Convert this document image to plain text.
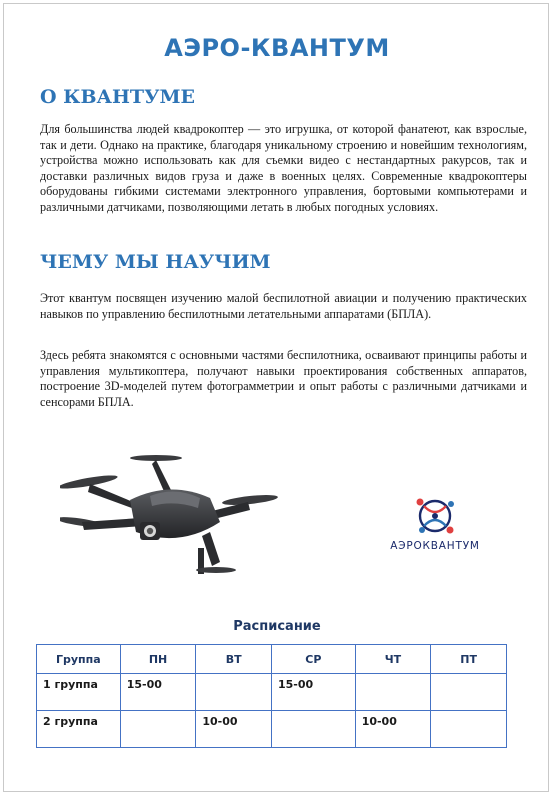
АЭРО-КВАНТУМ
О КВАНТУМЕ

Для большинства людей квадрокоптер — это игрушка, от которой фанатеют, как взрослые, так и дети. Однако на практике, благодаря уникальному строению и новейшим технологиям, устройства можно использовать как для съемки видео с нестандартных ракурсов, так и доставки различных видов груза и даже в военных целях. Современные квадрокоптеры оборудованы гибкими системами электронного управления, бортовыми компьютерами и различными датчиками, позволяющими летать в любых погодных условиях.

ЧЕМУ МЫ НАУЧИМ

Этот квантум посвящен изучению малой беспилотной авиации и получению практических навыков по управлению беспилотными летательными аппаратами (БПЛА).

Здесь ребята знакомятся с основными частями беспилотника, осваивают принципы работы и управления мультикоптера, получают навыки проектирования собственных аппаратов, построение 3D-моделей путем фотограмметрии и опыт работы с различными датчиками и сенсорами БПЛА.

АЭРОКВАНТУМ
Расписание
Группа	ПН	ВТ	СР	ЧТ	ПТ
1 группа	15-00		15-00		
2 группа		10-00		10-00	
